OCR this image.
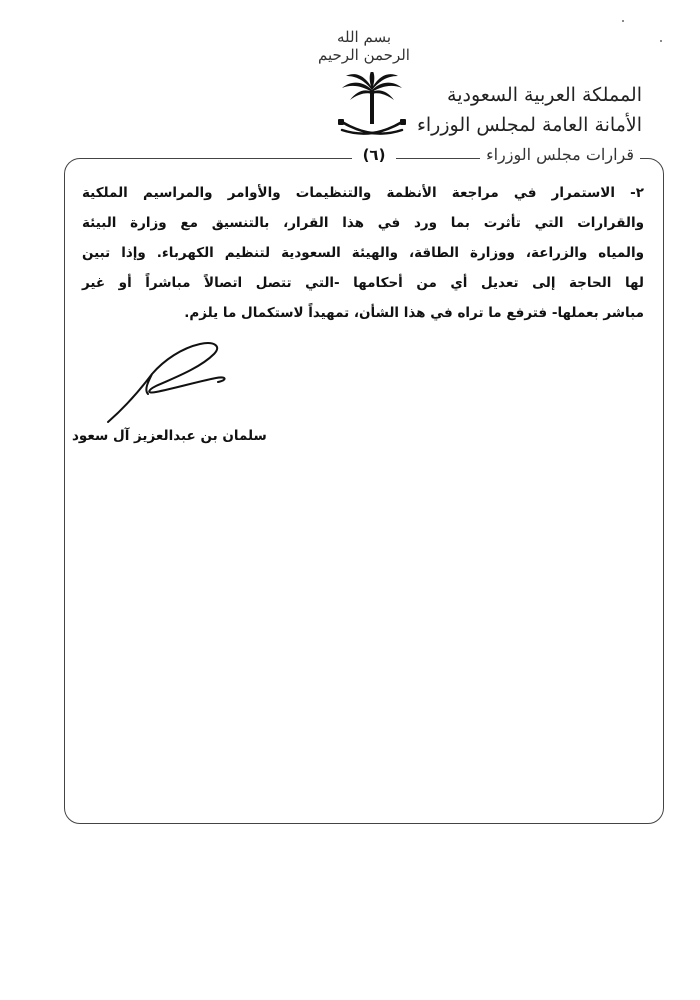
بسم الله الرحمن الرحيم
المملكة العربية السعودية
الأمانة العامة لمجلس الوزراء
قرارات مجلس الوزراء
(٦)
٢- الاستمرار في مراجعة الأنظمة والتنظيمات والأوامر والمراسيم الملكية
والقرارات التي تأثرت بما ورد في هذا القرار، بالتنسيق مع وزارة البيئة
والمياه والزراعة، ووزارة الطاقة، والهيئة السعودية لتنظيم الكهرباء. وإذا تبين
لها الحاجة إلى تعديل أي من أحكامها -التي تتصل اتصالاً مباشراً أو غير
مباشر بعملها- فترفع ما تراه في هذا الشأن، تمهيداً لاستكمال ما يلزم.
سلمان بن عبدالعزيز آل سعود
